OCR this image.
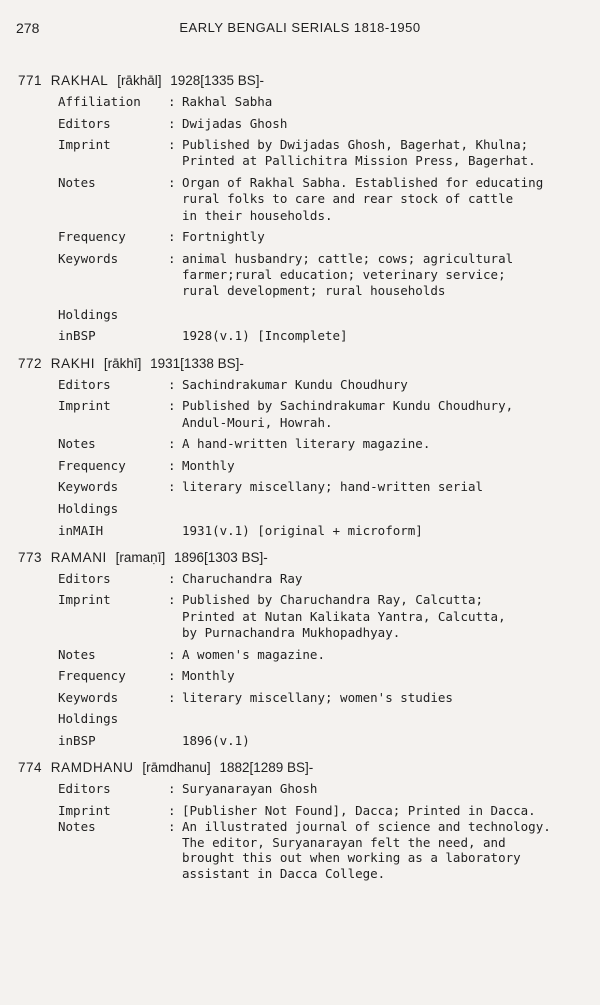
278	EARLY BENGALI SERIALS 1818-1950
771 RAKHAL [rākhāl] 1928[1335 BS]-
Affiliation	: Rakhal Sabha
Editors	: Dwijadas Ghosh
Imprint	: Published by Dwijadas Ghosh, Bagerhat, Khulna;
Printed at Pallichitra Mission Press, Bagerhat.
Notes	: Organ of Rakhal Sabha. Established for educating
rural folks to care and rear stock of cattle
in their households.
Frequency	: Fortnightly
Keywords	: animal husbandry; cattle; cows; agricultural
farmer;rural education; veterinary service;
rural development; rural households
Holdings
inBSP	1928(v.1) [Incomplete]
772 RAKHI [rākhī] 1931[1338 BS]-
Editors	: Sachindrakumar Kundu Choudhury
Imprint	: Published by Sachindrakumar Kundu Choudhury,
Andul-Mouri, Howrah.
Notes	: A hand-written literary magazine.
Frequency	: Monthly
Keywords	: literary miscellany; hand-written serial
Holdings
inMAIH	1931(v.1) [original + microform]
773 RAMANI [ramaṇī] 1896[1303 BS]-
Editors	: Charuchandra Ray
Imprint	: Published by Charuchandra Ray, Calcutta;
Printed at Nutan Kalikata Yantra, Calcutta,
by Purnachandra Mukhopadhyay.
Notes	: A women's magazine.
Frequency	: Monthly
Keywords	: literary miscellany; women's studies
Holdings
inBSP	1896(v.1)
774 RAMDHANU [rāmdhanu] 1882[1289 BS]-
Editors	: Suryanarayan Ghosh
Imprint	: [Publisher Not Found], Dacca; Printed in Dacca.
Notes	: An illustrated journal of science and technology.
The editor, Suryanarayan felt the need, and
brought this out when working as a laboratory
assistant in Dacca College.
